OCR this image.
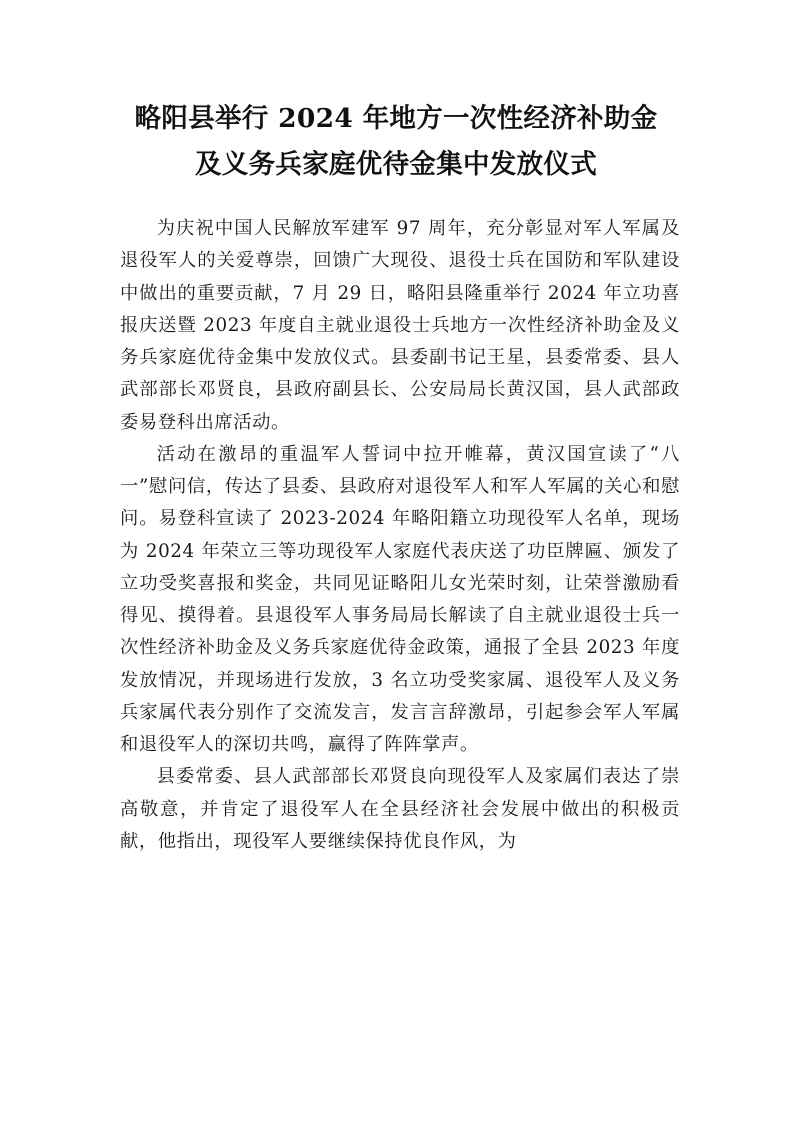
略阳县举行 2024 年地方一次性经济补助金
及义务兵家庭优待金集中发放仪式

为庆祝中国人民解放军建军 97 周年，充分彰显对军人军属及退役军人的关爱尊崇，回馈广大现役、退役士兵在国防和军队建设中做出的重要贡献，7 月 29 日，略阳县隆重举行 2024 年立功喜报庆送暨 2023 年度自主就业退役士兵地方一次性经济补助金及义务兵家庭优待金集中发放仪式。县委副书记王星，县委常委、县人武部部长邓贤良，县政府副县长、公安局局长黄汉国，县人武部政委易登科出席活动。

活动在激昂的重温军人誓词中拉开帷幕，黄汉国宣读了“八一”慰问信，传达了县委、县政府对退役军人和军人军属的关心和慰问。易登科宣读了 2023-2024 年略阳籍立功现役军人名单，现场为 2024 年荣立三等功现役军人家庭代表庆送了功臣牌匾、颁发了立功受奖喜报和奖金，共同见证略阳儿女光荣时刻，让荣誉激励看得见、摸得着。县退役军人事务局局长解读了自主就业退役士兵一次性经济补助金及义务兵家庭优待金政策，通报了全县 2023 年度发放情况，并现场进行发放，3 名立功受奖家属、退役军人及义务兵家属代表分别作了交流发言，发言言辞激昂，引起参会军人军属和退役军人的深切共鸣，赢得了阵阵掌声。

县委常委、县人武部部长邓贤良向现役军人及家属们表达了崇高敬意，并肯定了退役军人在全县经济社会发展中做出的积极贡献，他指出，现役军人要继续保持优良作风，为
